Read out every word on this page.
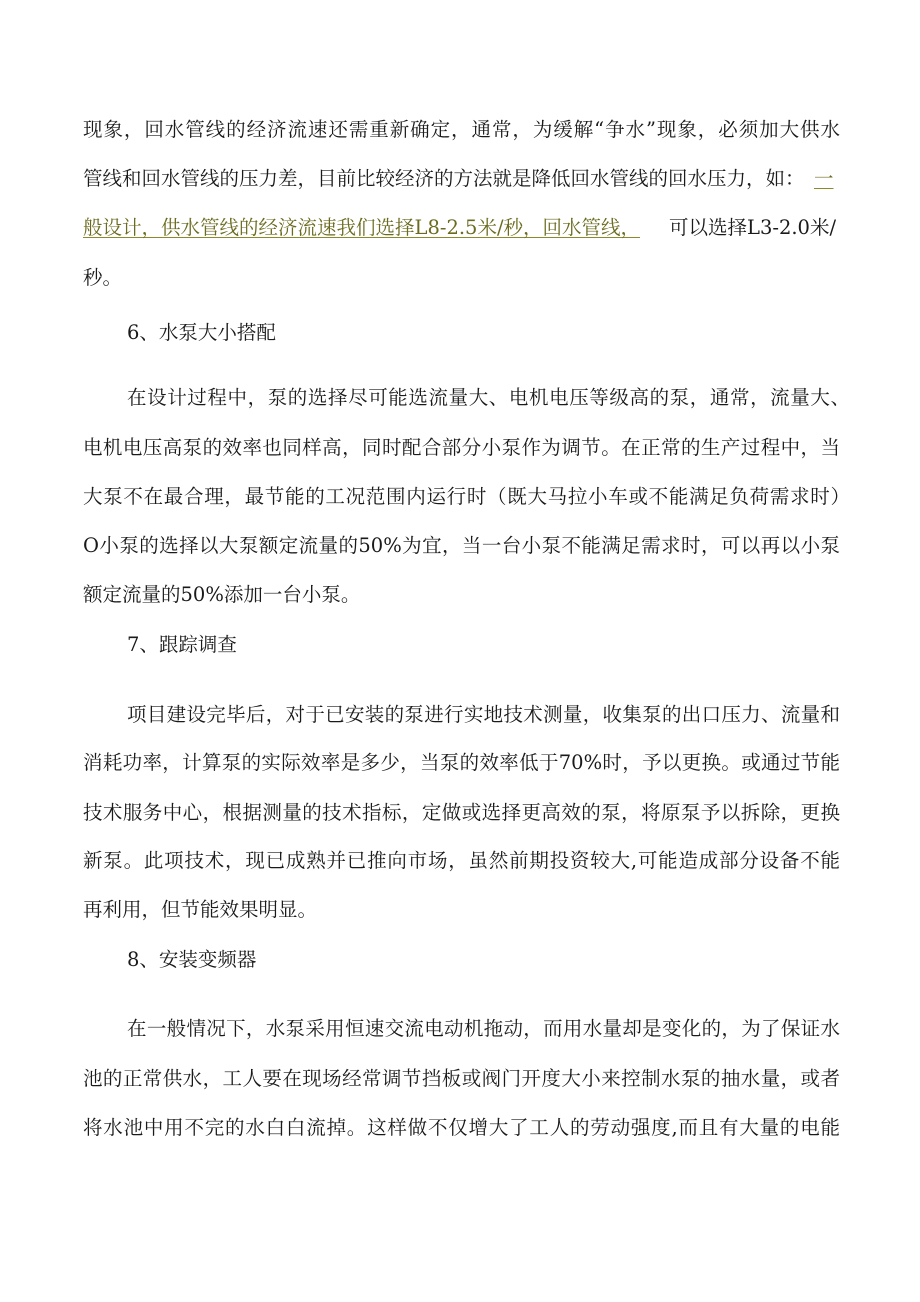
现象，回水管线的经济流速还需重新确定，通常，为缓解“争水”现象，必须加大供水
管线和回水管线的压力差，目前比较经济的方法就是降低回水管线的回水压力，如： 一
般设计，供水管线的经济流速我们选择L8-2.5米/秒，回水管线， 可以选择L3-2.0米/
秒。
6、水泵大小搭配
在设计过程中，泵的选择尽可能选流量大、电机电压等级高的泵，通常，流量大、
电机电压高泵的效率也同样高，同时配合部分小泵作为调节。在正常的生产过程中，当
大泵不在最合理，最节能的工况范围内运行时（既大马拉小车或不能满足负荷需求时）
O小泵的选择以大泵额定流量的50%为宜，当一台小泵不能满足需求时，可以再以小泵
额定流量的50%添加一台小泵。
7、跟踪调查
项目建设完毕后，对于已安装的泵进行实地技术测量，收集泵的出口压力、流量和
消耗功率，计算泵的实际效率是多少，当泵的效率低于70%时，予以更换。或通过节能
技术服务中心，根据测量的技术指标，定做或选择更高效的泵，将原泵予以拆除，更换
新泵。此项技术，现已成熟并已推向市场，虽然前期投资较大,可能造成部分设备不能
再利用，但节能效果明显。
8、安装变频器
在一般情况下，水泵采用恒速交流电动机拖动，而用水量却是变化的，为了保证水
池的正常供水，工人要在现场经常调节挡板或阀门开度大小来控制水泵的抽水量，或者
将水池中用不完的水白白流掉。这样做不仅增大了工人的劳动强度,而且有大量的电能
